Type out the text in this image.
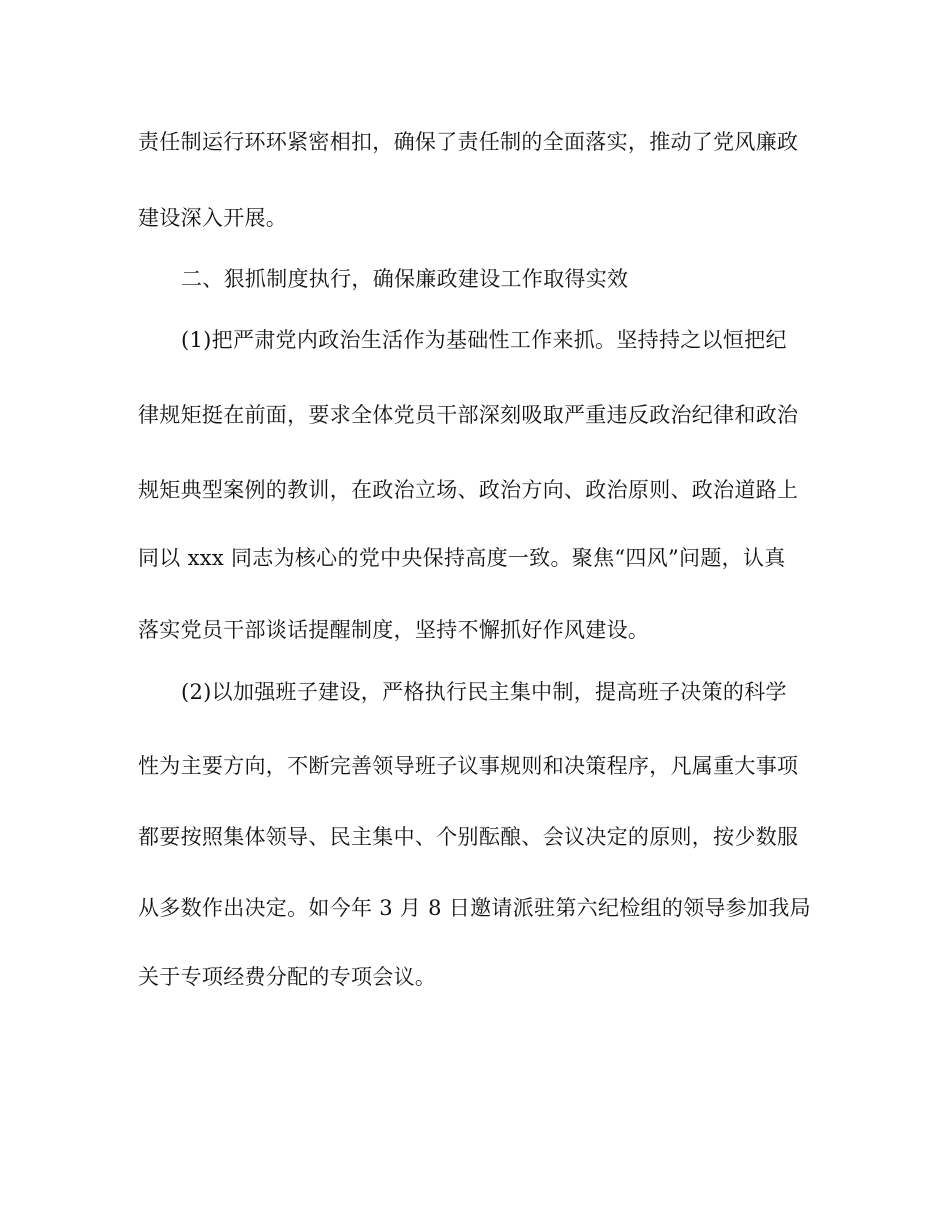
责任制运行环环紧密相扣，确保了责任制的全面落实，推动了党风廉政
建设深入开展。
二、狠抓制度执行，确保廉政建设工作取得实效
(1)把严肃党内政治生活作为基础性工作来抓。坚持持之以恒把纪
律规矩挺在前面，要求全体党员干部深刻吸取严重违反政治纪律和政治
规矩典型案例的教训，在政治立场、政治方向、政治原则、政治道路上
同以 xxx 同志为核心的党中央保持高度一致。聚焦“四风”问题，认真
落实党员干部谈话提醒制度，坚持不懈抓好作风建设。
(2)以加强班子建设，严格执行民主集中制，提高班子决策的科学
性为主要方向，不断完善领导班子议事规则和决策程序，凡属重大事项
都要按照集体领导、民主集中、个别酝酿、会议决定的原则，按少数服
从多数作出决定。如今年 3 月 8 日邀请派驻第六纪检组的领导参加我局
关于专项经费分配的专项会议。
